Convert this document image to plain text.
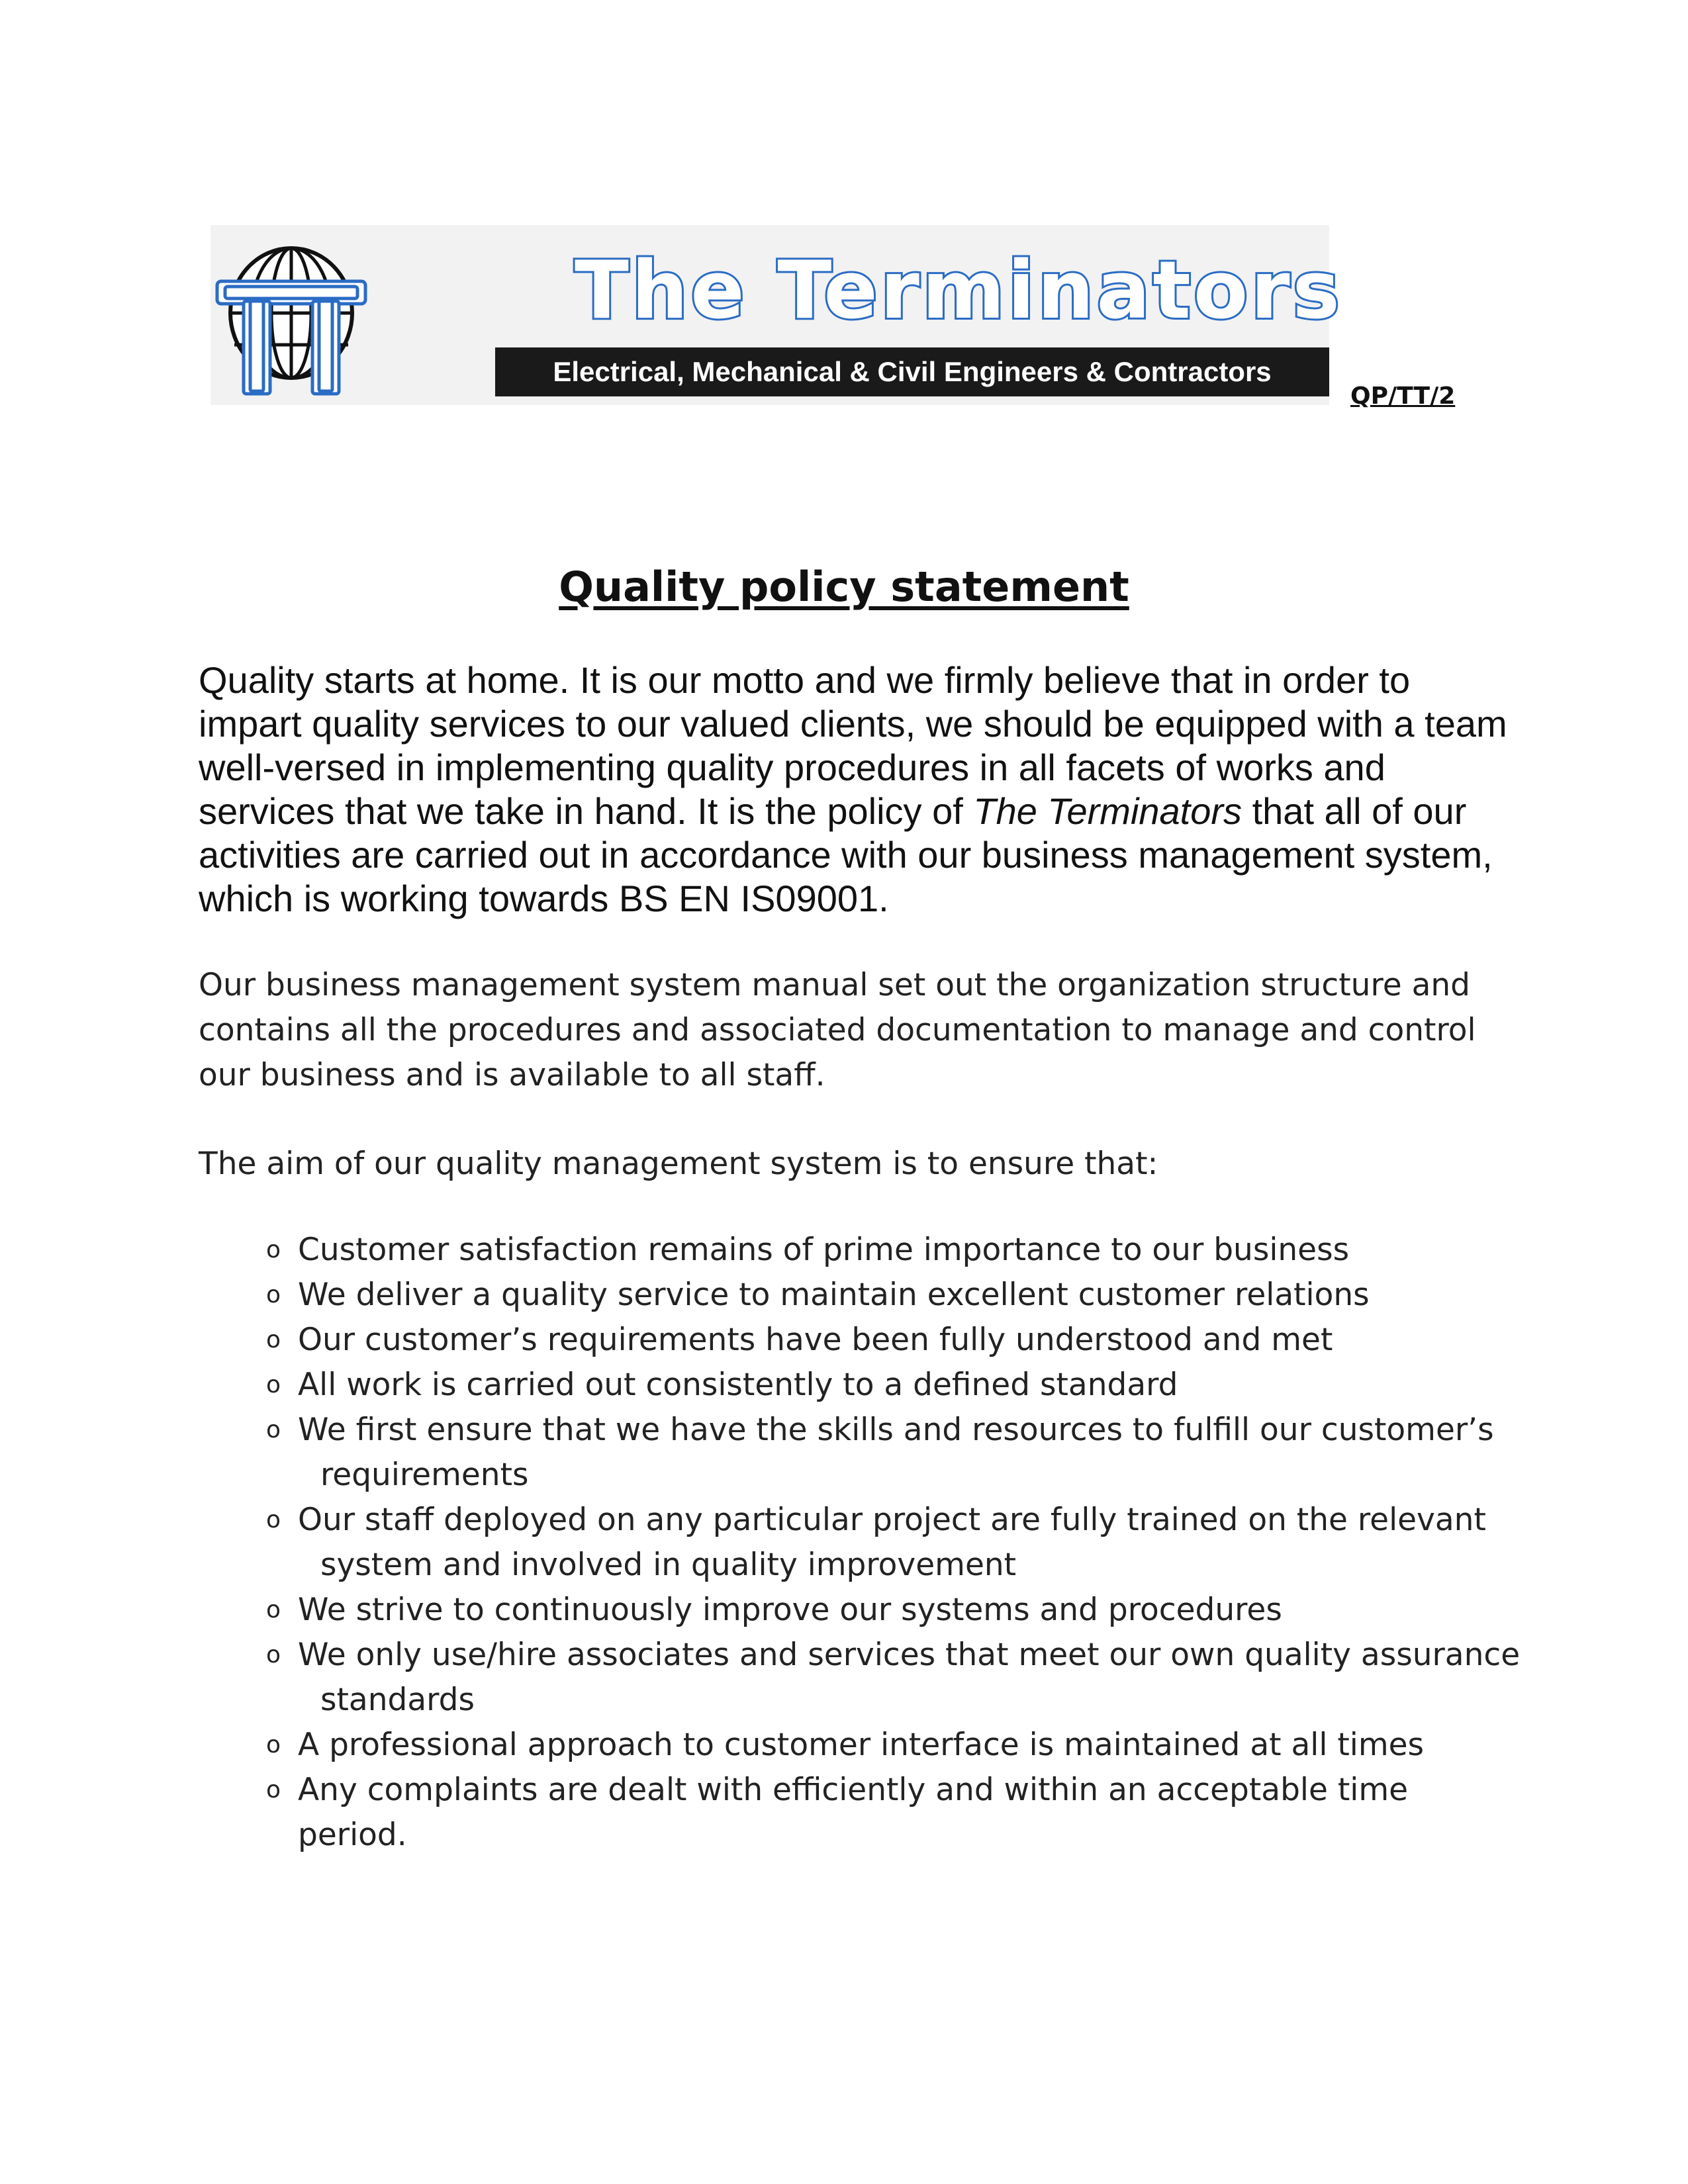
The Terminators
Electrical, Mechanical & Civil Engineers & Contractors
QP/TT/2
Quality policy statement
Quality starts at home. It is our motto and we firmly believe that in order to impart quality services to our valued clients, we should be equipped with a team well-versed in implementing quality procedures in all facets of works and services that we take in hand. It is the policy of The Terminators that all of our activities are carried out in accordance with our business management system, which is working towards BS EN IS09001.
Our business management system manual set out the organization structure and contains all the procedures and associated documentation to manage and control our business and is available to all staff.
The aim of our quality management system is to ensure that:
o Customer satisfaction remains of prime importance to our business
o We deliver a quality service to maintain excellent customer relations
o Our customer’s requirements have been fully understood and met
o All work is carried out consistently to a defined standard
o We first ensure that we have the skills and resources to fulfill our customer’s
requirements
o Our staff deployed on any particular project are fully trained on the relevant
system and involved in quality improvement
o We strive to continuously improve our systems and procedures
o We only use/hire associates and services that meet our own quality assurance
standards
o A professional approach to customer interface is maintained at all times
o Any complaints are dealt with efficiently and within an acceptable time period.
